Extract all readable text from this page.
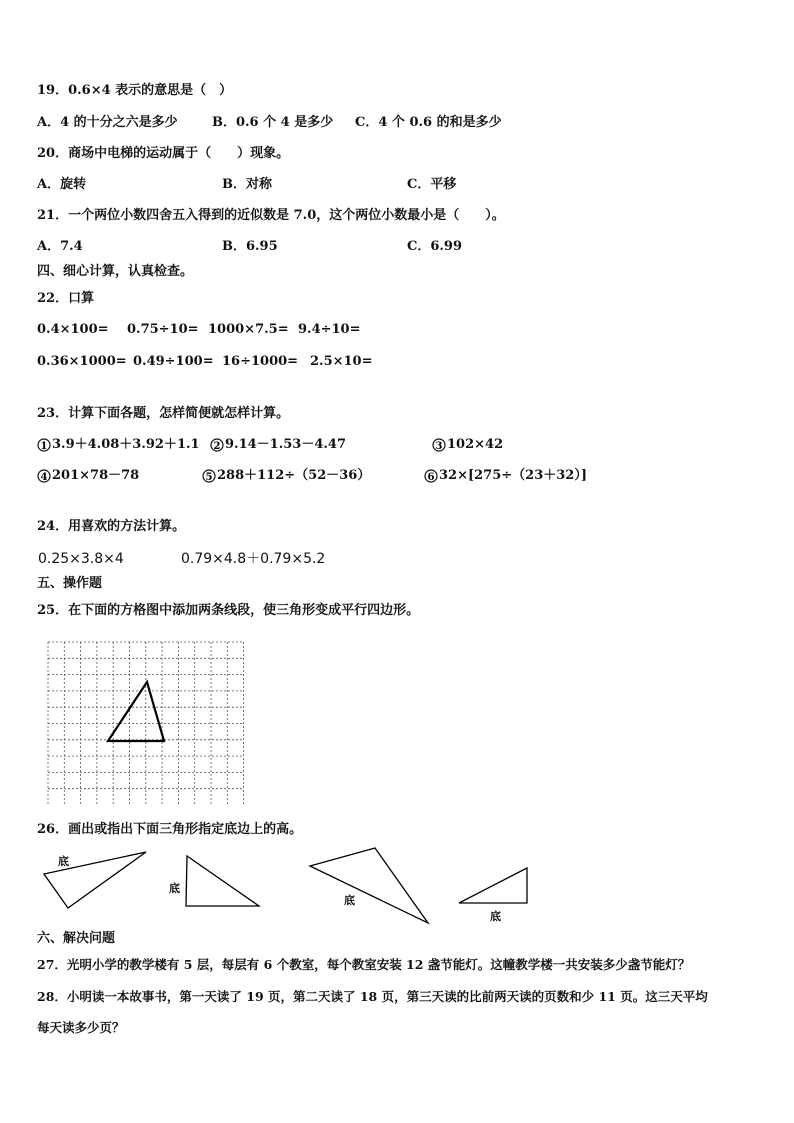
19．0.6×4 表示的意思是（　）
A．4 的十分之六是多少	B．0.6 个 4 是多少 C．4 个 0.6 的和是多少
20．商场中电梯的运动属于（　　）现象。
A．旋转	B．对称	C．平移
21．一个两位小数四舍五入得到的近似数是 7.0，这个两位小数最小是（　　）。
A．7.4	B．6.95	C．6.99
四、细心计算，认真检查。
22．口算
0.4×100= 0.75÷10= 1000×7.5= 9.4÷10=
0.36×1000= 0.49÷100= 16÷1000= 2.5×10=
23．计算下面各题，怎样简便就怎样计算。
1 3.9＋4.08＋3.92＋1.1 2 9.14－1.53－4.47	3 102×42
4 201×78－78	5 288＋112÷（52－36）	6 32×[275÷（23＋32）]
24．用喜欢的方法计算。
0.25×3.8×4	0.79×4.8＋0.79×5.2
五、操作题
25．在下面的方格图中添加两条线段，使三角形变成平行四边形。
26．画出或指出下面三角形指定底边上的高。
底
底
底
底
六、解决问题
27．光明小学的教学楼有 5 层，每层有 6 个教室，每个教室安装 12 盏节能灯。这幢教学楼一共安装多少盏节能灯？
28．小明读一本故事书，第一天读了 19 页，第二天读了 18 页，第三天读的比前两天读的页数和少 11 页。这三天平均
每天读多少页？
